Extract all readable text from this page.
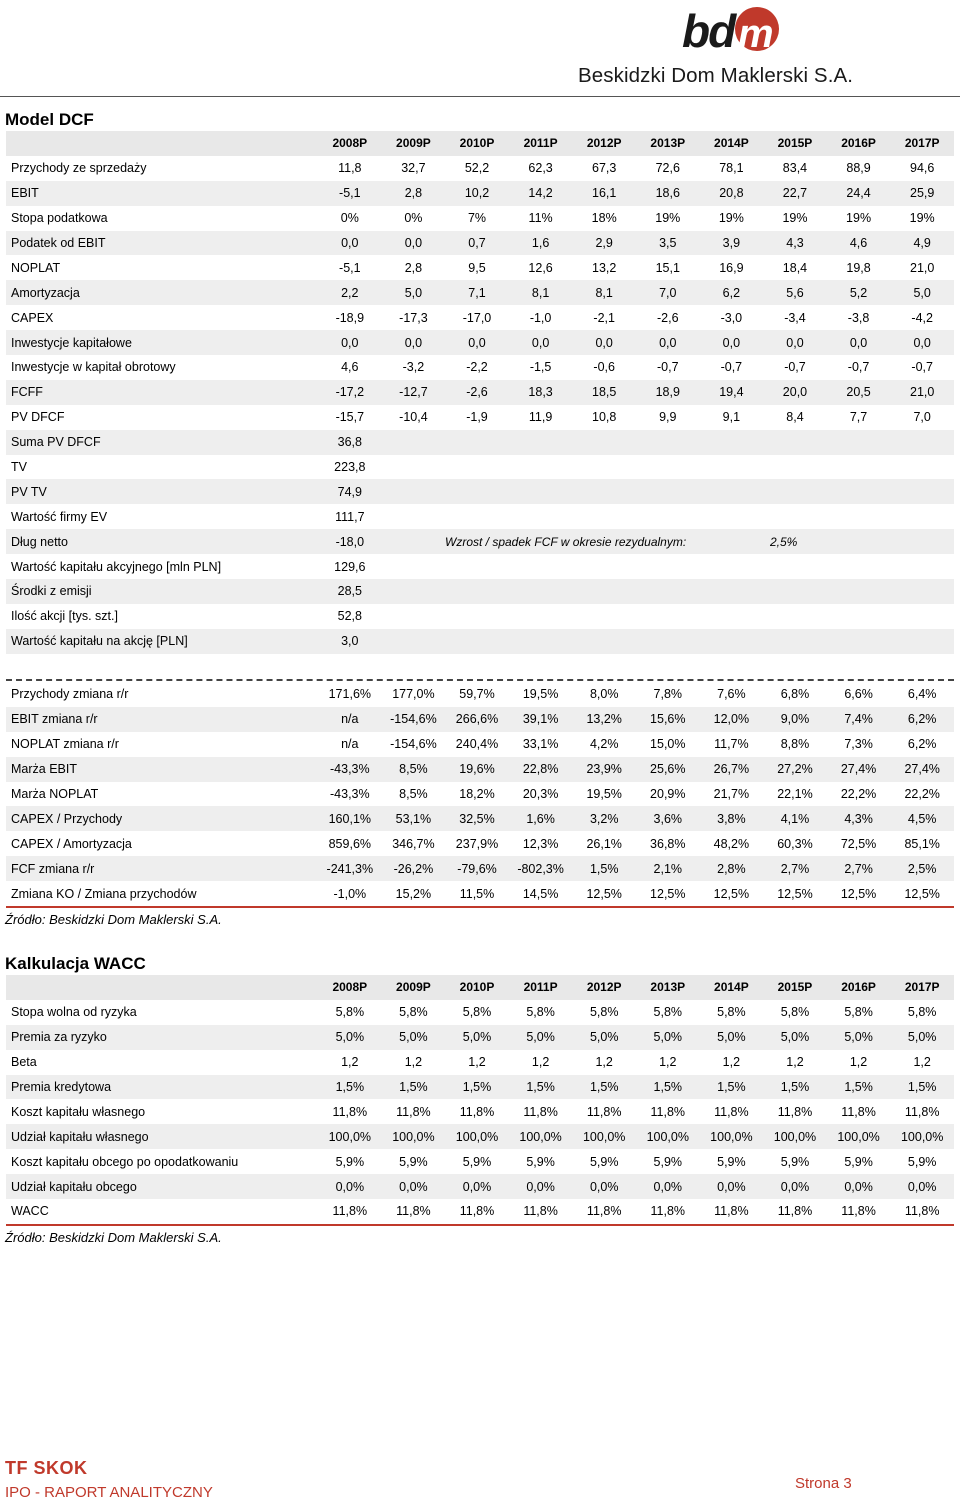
bd m
Beskidzki Dom Maklerski S.A.
Model DCF
	2008P	2009P	2010P	2011P	2012P	2013P	2014P	2015P	2016P	2017P
Przychody ze sprzedaży	11,8	32,7	52,2	62,3	67,3	72,6	78,1	83,4	88,9	94,6
EBIT	-5,1	2,8	10,2	14,2	16,1	18,6	20,8	22,7	24,4	25,9
Stopa podatkowa	0%	0%	7%	11%	18%	19%	19%	19%	19%	19%
Podatek od EBIT	0,0	0,0	0,7	1,6	2,9	3,5	3,9	4,3	4,6	4,9
NOPLAT	-5,1	2,8	9,5	12,6	13,2	15,1	16,9	18,4	19,8	21,0
Amortyzacja	2,2	5,0	7,1	8,1	8,1	7,0	6,2	5,6	5,2	5,0
CAPEX	-18,9	-17,3	-17,0	-1,0	-2,1	-2,6	-3,0	-3,4	-3,8	-4,2
Inwestycje kapitałowe	0,0	0,0	0,0	0,0	0,0	0,0	0,0	0,0	0,0	0,0
Inwestycje w kapitał obrotowy	4,6	-3,2	-2,2	-1,5	-0,6	-0,7	-0,7	-0,7	-0,7	-0,7
FCFF	-17,2	-12,7	-2,6	18,3	18,5	18,9	19,4	20,0	20,5	21,0
PV DFCF	-15,7	-10,4	-1,9	11,9	10,8	9,9	9,1	8,4	7,7	7,0
Suma PV DFCF	36,8									
TV	223,8									
PV TV	74,9									
Wartość firmy EV	111,7									
Dług netto	-18,0									
Wartość kapitału akcyjnego [mln PLN]	129,6									
Środki z emisji	28,5									
Ilość akcji [tys. szt.]	52,8									
Wartość kapitału na akcję [PLN]	3,0									
Wzrost / spadek FCF w okresie rezydualnym:	2,5%
Przychody zmiana r/r	171,6%	177,0%	59,7%	19,5%	8,0%	7,8%	7,6%	6,8%	6,6%	6,4%
EBIT zmiana r/r	n/a	-154,6%	266,6%	39,1%	13,2%	15,6%	12,0%	9,0%	7,4%	6,2%
NOPLAT zmiana r/r	n/a	-154,6%	240,4%	33,1%	4,2%	15,0%	11,7%	8,8%	7,3%	6,2%
Marża EBIT	-43,3%	8,5%	19,6%	22,8%	23,9%	25,6%	26,7%	27,2%	27,4%	27,4%
Marża NOPLAT	-43,3%	8,5%	18,2%	20,3%	19,5%	20,9%	21,7%	22,1%	22,2%	22,2%
CAPEX / Przychody	160,1%	53,1%	32,5%	1,6%	3,2%	3,6%	3,8%	4,1%	4,3%	4,5%
CAPEX / Amortyzacja	859,6%	346,7%	237,9%	12,3%	26,1%	36,8%	48,2%	60,3%	72,5%	85,1%
FCF zmiana r/r	-241,3%	-26,2%	-79,6%	-802,3%	1,5%	2,1%	2,8%	2,7%	2,7%	2,5%
Zmiana KO / Zmiana przychodów	-1,0%	15,2%	11,5%	14,5%	12,5%	12,5%	12,5%	12,5%	12,5%	12,5%
Źródło: Beskidzki Dom Maklerski S.A.
Kalkulacja WACC
	2008P	2009P	2010P	2011P	2012P	2013P	2014P	2015P	2016P	2017P
Stopa wolna od ryzyka	5,8%	5,8%	5,8%	5,8%	5,8%	5,8%	5,8%	5,8%	5,8%	5,8%
Premia za ryzyko	5,0%	5,0%	5,0%	5,0%	5,0%	5,0%	5,0%	5,0%	5,0%	5,0%
Beta	1,2	1,2	1,2	1,2	1,2	1,2	1,2	1,2	1,2	1,2
Premia kredytowa	1,5%	1,5%	1,5%	1,5%	1,5%	1,5%	1,5%	1,5%	1,5%	1,5%
Koszt kapitału własnego	11,8%	11,8%	11,8%	11,8%	11,8%	11,8%	11,8%	11,8%	11,8%	11,8%
Udział kapitału własnego	100,0%	100,0%	100,0%	100,0%	100,0%	100,0%	100,0%	100,0%	100,0%	100,0%
Koszt kapitału obcego po opodatkowaniu	5,9%	5,9%	5,9%	5,9%	5,9%	5,9%	5,9%	5,9%	5,9%	5,9%
Udział kapitału obcego	0,0%	0,0%	0,0%	0,0%	0,0%	0,0%	0,0%	0,0%	0,0%	0,0%
WACC	11,8%	11,8%	11,8%	11,8%	11,8%	11,8%	11,8%	11,8%	11,8%	11,8%
Źródło: Beskidzki Dom Maklerski S.A.
TF SKOK
IPO - RAPORT ANALITYCZNY
Strona 3
